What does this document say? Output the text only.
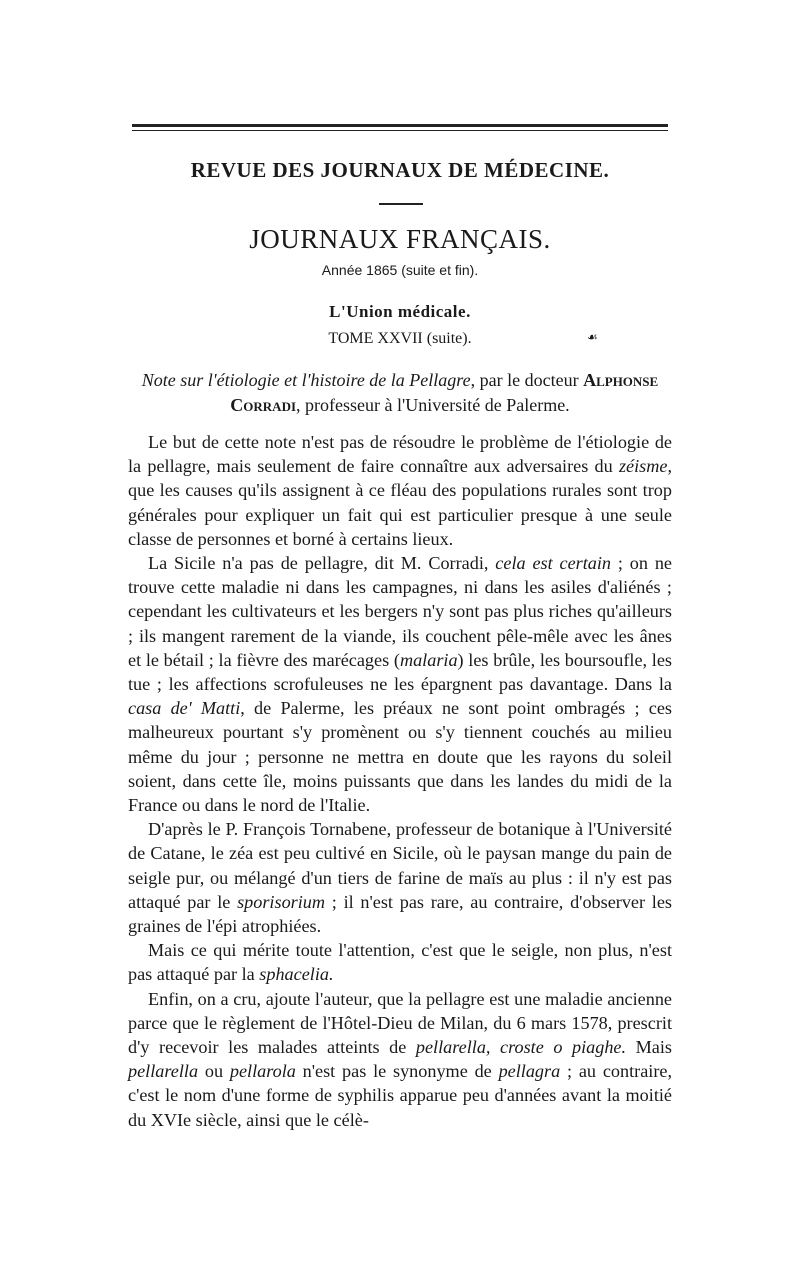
REVUE DES JOURNAUX DE MÉDECINE.
JOURNAUX FRANÇAIS.
Année 1865 (suite et fin).
L'Union médicale.
TOME XXVII (suite).	☙
Note sur l'étiologie et l'histoire de la Pellagre, par le docteur Alphonse Corradi, professeur à l'Université de Palerme.

Le but de cette note n'est pas de résoudre le problème de l'étiologie de la pellagre, mais seulement de faire connaître aux adversaires du zéisme, que les causes qu'ils assignent à ce fléau des populations rurales sont trop générales pour expliquer un fait qui est particulier presque à une seule classe de personnes et borné à certains lieux.

La Sicile n'a pas de pellagre, dit M. Corradi, cela est certain ; on ne trouve cette maladie ni dans les campagnes, ni dans les asiles d'aliénés ; cependant les cultivateurs et les bergers n'y sont pas plus riches qu'ailleurs ; ils mangent rarement de la viande, ils couchent pêle-mêle avec les ânes et le bétail ; la fièvre des marécages (malaria) les brûle, les boursoufle, les tue ; les affections scrofuleuses ne les épargnent pas davantage. Dans la casa de' Matti, de Palerme, les préaux ne sont point ombragés ; ces malheureux pourtant s'y promènent ou s'y tiennent couchés au milieu même du jour ; personne ne mettra en doute que les rayons du soleil soient, dans cette île, moins puissants que dans les landes du midi de la France ou dans le nord de l'Italie.

D'après le P. François Tornabene, professeur de botanique à l'Université de Catane, le zéa est peu cultivé en Sicile, où le paysan mange du pain de seigle pur, ou mélangé d'un tiers de farine de maïs au plus : il n'y est pas attaqué par le sporisorium ; il n'est pas rare, au contraire, d'observer les graines de l'épi atrophiées.

Mais ce qui mérite toute l'attention, c'est que le seigle, non plus, n'est pas attaqué par la sphacelia.

Enfin, on a cru, ajoute l'auteur, que la pellagre est une maladie ancienne parce que le règlement de l'Hôtel-Dieu de Milan, du 6 mars 1578, prescrit d'y recevoir les malades atteints de pellarella, croste o piaghe. Mais pellarella ou pellarola n'est pas le synonyme de pellagra ; au contraire, c'est le nom d'une forme de syphilis apparue peu d'années avant la moitié du XVIe siècle, ainsi que le célè-
